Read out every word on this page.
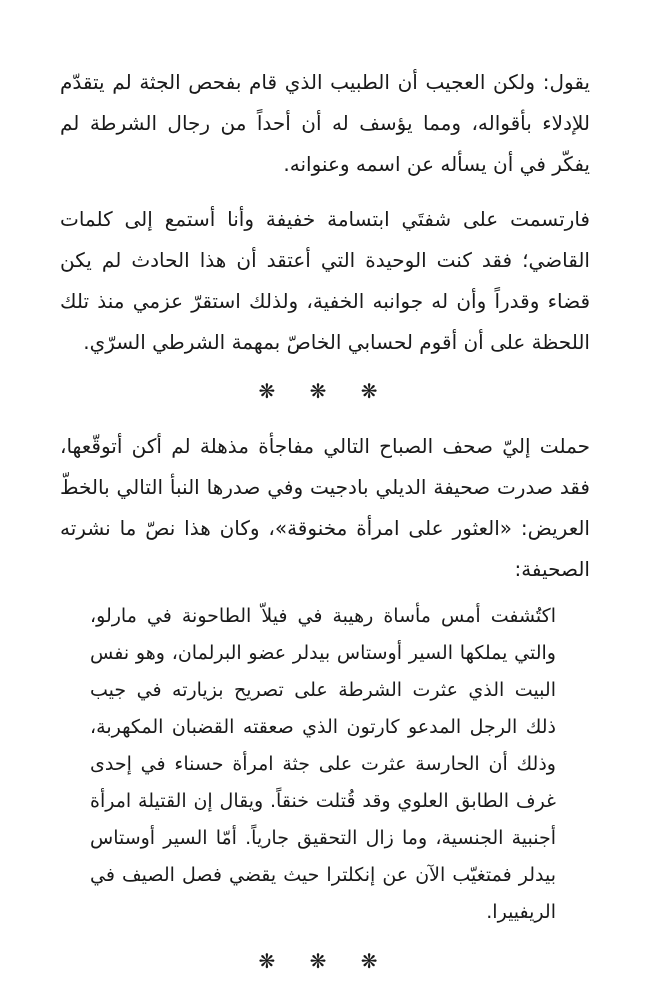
يقول: ولكن العجيب أن الطبيب الذي قام بفحص الجثة لم يتقدّم للإدلاء بأقواله، ومما يؤسف له أن أحداً من رجال الشرطة لم يفكّر في أن يسأله عن اسمه وعنوانه.

فارتسمت على شفتَي ابتسامة خفيفة وأنا أستمع إلى كلمات القاضي؛ فقد كنت الوحيدة التي أعتقد أن هذا الحادث لم يكن قضاء وقدراً وأن له جوانبه الخفية، ولذلك استقرّ عزمي منذ تلك اللحظة على أن أقوم لحسابي الخاصّ بمهمة الشرطي السرّي.

❋ ❋ ❋

حملت إليّ صحف الصباح التالي مفاجأة مذهلة لم أكن أتوقّعها، فقد صدرت صحيفة الديلي بادجيت وفي صدرها النبأ التالي بالخطّ العريض: «العثور على امرأة مخنوقة»، وكان هذا نصّ ما نشرته الصحيفة:

اكتُشفت أمس مأساة رهيبة في فيلاّ الطاحونة في مارلو، والتي يملكها السير أوستاس بيدلر عضو البرلمان، وهو نفس البيت الذي عثرت الشرطة على تصريح بزيارته في جيب ذلك الرجل المدعو كارتون الذي صعقته القضبان المكهربة، وذلك أن الحارسة عثرت على جثة امرأة حسناء في إحدى غرف الطابق العلوي وقد قُتلت خنقاً. ويقال إن القتيلة امرأة أجنبية الجنسية، وما زال التحقيق جارياً. أمّا السير أوستاس بيدلر فمتغيّب الآن عن إنكلترا حيث يقضي فصل الصيف في الريفييرا.

❋ ❋ ❋
